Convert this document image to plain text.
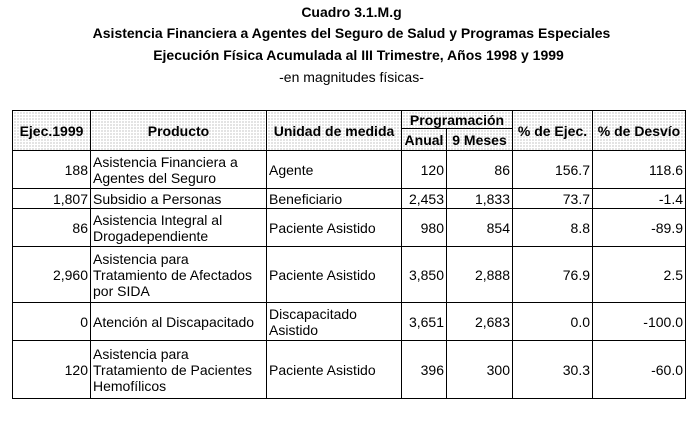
Cuadro 3.1.M.g
Asistencia Financiera a Agentes del Seguro de Salud y Programas Especiales
Ejecución Física Acumulada al III Trimestre, Años 1998 y 1999
-en magnitudes físicas-
Ejec.1999	Producto	Unidad de medida	Programación		% de Ejec.	% de Desvío
			Anual	9 Meses		
188	Asistencia Financiera a Agentes del Seguro	Agente	120	86	156.7	118.6
1,807	Subsidio a Personas	Beneficiario	2,453	1,833	73.7	-1.4
86	Asistencia Integral al Drogadependiente	Paciente Asistido	980	854	8.8	-89.9
2,960	Asistencia para Tratamiento de Afectados por SIDA	Paciente Asistido	3,850	2,888	76.9	2.5
0	Atención al Discapacitado	Discapacitado Asistido	3,651	2,683	0.0	-100.0
120	Asistencia para Tratamiento de Pacientes Hemofílicos	Paciente Asistido	396	300	30.3	-60.0
